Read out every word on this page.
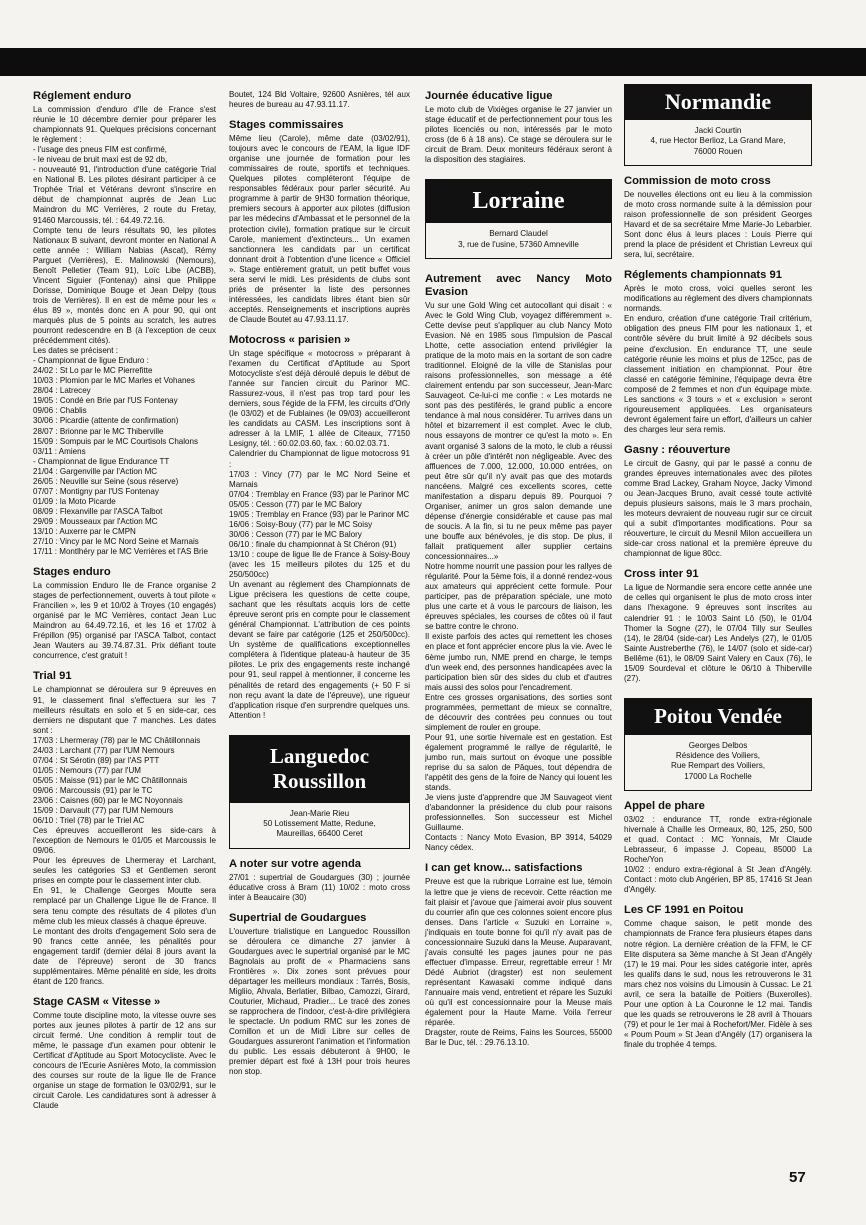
Réglement enduro

La commission d'enduro d'Ile de France s'est réunie le 10 décembre dernier pour préparer les championnats 91. Quelques précisions concernant le règlement :

- l'usage des pneus FIM est confirmé,

- le niveau de bruit maxi est de 92 db,

- nouveauté 91, l'introduction d'une catégorie Trial en National B. Les pilotes désirant participer à ce Trophée Trial et Vétérans devront s'inscrire en début de championnat auprès de Jean Luc Maindron du MC Verrières, 2 route du Fretay, 91460 Marcoussis, tél. : 64.49.72.16.

Compte tenu de leurs résultats 90, les pilotes Nationaux B suivant, devront monter en National A cette année : William Nabias (Ascat), Rémy Parguet (Verrières), E. Malinowski (Nemours), Benoît Pelletier (Team 91), Loïc Libe (ACBB), Vincent Siguier (Fontenay) ainsi que Philippe Dorisse, Dominique Bouge et Jean Delpy (tous trois de Verrières). Il en est de même pour les « élus 89 », montés donc en A pour 90, qui ont marqués plus de 5 points au scratch, les autres pourront redescendre en B (à l'exception de ceux précédemment cités).

Les dates se précisent :

- Championnat de ligue Enduro :
24/02 : St Lo par le MC Pierrefitte
10/03 : Plomion par le MC Marles et Vohanes
28/04 : Latrecey
19/05 : Condé en Brie par l'US Fontenay
09/06 : Chablis
30/06 : Picardie (attente de confirmation)
28/07 : Brionne par le MC Thiberville
15/09 : Sompuis par le MC Courtisols Chalons
03/11 : Amiens
- Championnat de ligue Endurance TT
21/04 : Gargenville par l'Action MC
26/05 : Neuville sur Seine (sous réserve)
07/07 : Montigny par l'US Fontenay
01/09 : la Moto Picarde
08/09 : Flexanville par l'ASCA Talbot
29/09 : Mousseaux par l'Action MC
13/10 : Auxerre par le CMPN
27/10 : Vincy par le MC Nord Seine et Marnais
17/11 : Montlhéry par le MC Verrières et l'AS Brie
Stages enduro

La commission Enduro Ile de France organise 2 stages de perfectionnement, ouverts à tout pilote « Francilien », les 9 et 10/02 à Troyes (10 engagés) organisé par le MC Verrières, contact Jean Luc Maindron au 64.49.72.16, et les 16 et 17/02 à Frépillon (95) organisé par l'ASCA Talbot, contact Jean Wauters au 39.74.87.31. Prix défiant toute concurrence, c'est gratuit !

Trial 91

Le championnat se déroulera sur 9 épreuves en 91, le classement final s'effectuera sur les 7 meilleurs résultats en solo et 5 en side-car, ces derniers ne disputant que 7 manches. Les dates sont :

17/03 : Lhermeray (78) par le MC Châtillonnais
24/03 : Larchant (77) par l'UM Nemours
07/04 : St Sérotin (89) par l'AS PTT
01/05 : Nemours (77) par l'UM
05/05 : Maisse (91) par le MC Châtillonnais
09/06 : Marcoussis (91) par le TC
23/06 : Caisnes (60) par le MC Noyonnais
15/09 : Darvault (77) par l'UM Nemours
06/10 : Triel (78) par le Triel AC

Ces épreuves accueilleront les side-cars à l'exception de Nemours le 01/05 et Marcoussis le 09/06.

Pour les épreuves de Lhermeray et Larchant, seules les catégories S3 et Gentlemen seront prises en compte pour le classement inter club.

En 91, le Challenge Georges Moutte sera remplacé par un Challenge Ligue Ile de France. Il sera tenu compte des résultats de 4 pilotes d'un même club les mieux classés à chaque épreuve.

Le montant des droits d'engagement Solo sera de 90 francs cette année, les pénalités pour engagement tardif (dernier délai 8 jours avant la date de l'épreuve) seront de 30 francs supplémentaires. Même pénalité en side, les droits étant de 120 francs.

Stage CASM « Vitesse »

Comme toute discipline moto, la vitesse ouvre ses portes aux jeunes pilotes à partir de 12 ans sur circuit fermé. Une condition à remplir tout de même, le passage d'un examen pour obtenir le Certificat d'Aptitude au Sport Motocycliste. Avec le concours de l'Ecurie Asnières Moto, la commission des courses sur route de la ligue Ile de France organise un stage de formation le 03/02/91, sur le circuit Carole. Les candidatures sont à adresser à Claude

Boutet, 124 Bld Voltaire, 92600 Asnières, tél aux heures de bureau au 47.93.11.17.

Stages commissaires

Même lieu (Carole), même date (03/02/91), toujours avec le concours de l'EAM, la ligue IDF organise une journée de formation pour les commissaires de route, sportifs et techniques. Quelques pilotes compléteront l'équipe de responsables fédéraux pour parler sécurité. Au programme à partir de 9H30 formation théorique, premiers secours à apporter aux pilotes (diffusion par les médecins d'Ambassat et le personnel de la protection civile), formation pratique sur le circuit Carole, maniement d'extincteurs... Un examen sanctionnera les candidats par un certificat donnant droit à l'obtention d'une licence « Officiel ». Stage entièrement gratuit, un petit buffet vous sera servi le midi. Les présidents de clubs sont priés de présenter la liste des personnes intéressées, les candidats libres étant bien sûr acceptés. Renseignements et inscriptions auprès de Claude Boutet au 47.93.11.17.

Motocross « parisien »

Un stage spécifique « motocross » préparant à l'examen du Certificat d'Aptitude au Sport Motocycliste s'est déjà déroulé depuis le début de l'année sur l'ancien circuit du Parinor MC. Rassurez-vous, il n'est pas trop tard pour les derniers, sous l'égide de la FFM, les circuits d'Orly (le 03/02) et de Fublaines (le 09/03) accueilleront les candidats au CASM. Les inscriptions sont à adresser à la LMIF, 1 allée de Citeaux, 77150 Lesigny, tél. : 60.02.03.60, fax. : 60.02.03.71.

Calendrier du Championnat de ligue motocross 91 :

17/03 : Vincy (77) par le MC Nord Seine et Marnais
07/04 : Tremblay en France (93) par le Parinor MC
05/05 : Cesson (77) par le MC Balory
19/05 : Tremblay en France (93) par le Parinor MC
16/06 : Soisy-Bouy (77) par le MC Soisy
30/06 : Cesson (77) par le MC Balory
06/10 : finale du championnat à St Chéron (91)
13/10 : coupe de ligue Ile de France à Soisy-Bouy (avec les 15 meilleurs pilotes du 125 et du 250/500cc)

Un avenant au règlement des Championnats de Ligue précisera les questions de cette coupe, sachant que les résultats acquis lors de cette épreuve seront pris en compte pour le classement général Championnat. L'attribution de ces points devant se faire par catégorie (125 et 250/500cc). Un système de qualifications exceptionnelles complétera à l'identique plateau-à hauteur de 35 pilotes. Le prix des engagements reste inchangé pour 91, seul rappel à mentionner, il concerne les pénalités de retard des engagements (+ 50 F si non reçu avant la date de l'épreuve), une rigueur d'application risque d'en surprendre quelques uns. Attention !

Languedoc
Roussillon
Jean-Marie Rieu
50 Lotissement Matte, Redune,
Maureillas, 66400 Ceret
A noter sur votre agenda

27/01 : supertrial de Goudargues (30) ; journée éducative cross à Bram (11) 10/02 : moto cross inter à Beaucaire (30)

Supertrial de Goudargues

L'ouverture trialistique en Languedoc Roussillon se déroulera ce dimanche 27 janvier à Goudargues avec le supertrial organisé par le MC Bagnolais au profit de « Pharmaciens sans Frontières ». Dix zones sont prévues pour départager les meilleurs mondiaux : Tarrés, Bosis, Migliio, Ahvala, Berlatier, Bilbao, Camozzi, Girard, Couturier, Michaud, Pradier... Le tracé des zones se rapprochera de l'indoor, c'est-à-dire privilégiera le spectacle. Un podium RMC sur les zones de Cornillon et un de Midi Libre sur celles de Goudargues assureront l'animation et l'information du public. Les essais débuteront à 9H00, le premier départ est fixé à 13H pour trois heures non stop.

Journée éducative ligue

Le moto club de Vixièges organise le 27 janvier un stage éducatif et de perfectionnement pour tous les pilotes licenciés ou non, intéressés par le moto cross (de 6 à 18 ans). Ce stage se déroulera sur le circuit de Bram. Deux moniteurs fédéraux seront à la disposition des stagiaires.

Lorraine
Bernard Claudel
3, rue de l'usine, 57360 Amneville
Autrement avec Nancy Moto Evasion

Vu sur une Gold Wing cet autocollant qui disait : « Avec le Gold Wing Club, voyagez différemment ». Cette devise peut s'appliquer au club Nancy Moto Evasion. Né en 1985 sous l'impulsion de Pascal Lhotte, cette association entend privilégier la pratique de la moto mais en la sortant de son cadre traditionnel. Eloigné de la ville de Stanislas pour raisons professionnelles, son message a été clairement entendu par son successeur, Jean-Marc Sauvageot. Ce-lui-ci me confie : « Les motards ne sont pas des pestiférés, le grand public a encore tendance à mal nous considérer. Tu arrives dans un hôtel et bizarrement il est complet. Avec le club, nous essayons de montrer ce qu'est la moto ». En avant organisé 3 salons de la moto, le club a réussi à créer un pôle d'intérêt non négligeable. Avec des affluences de 7.000, 12.000, 10.000 entrées, on peut être sûr qu'il n'y avait pas que des motards nancéens. Malgré ces excellents scores, cette manifestation a disparu depuis 89. Pourquoi ? Organiser, animer un gros salon demande une dépense d'énergie considérable et cause pas mal de soucis. A la fin, si tu ne peux même pas payer une bouffe aux bénévoles, je dis stop. De plus, il fallait pratiquement aller supplier certains concessionnaires...»

Notre homme nourrit une passion pour les rallyes de régularité. Pour la 5ème fois, il a donné rendez-vous aux amateurs qui apprécient cette formule. Pour participer, pas de préparation spéciale, une moto plus une carte et à vous le parcours de liaison, les épreuves spéciales, les courses de côtes où il faut se battre contre le chrono.

Il existe parfois des actes qui remettent les choses en place et font apprécier encore plus la vie. Avec le 6ème jumbo run, NME prend en charge, le temps d'un week end, des personnes handicapées avec la participation bien sûr des sides du club et d'autres mais aussi des solos pour l'encadrement.

Entre ces grosses organisations, des sorties sont programmées, permettant de mieux se connaître, de découvrir des contrées peu connues ou tout simplement de rouler en groupe.

Pour 91, une sortie hivernale est en gestation. Est également programmé le rallye de régularité, le jumbo run, mais surtout on évoque une possible reprise du sa salon de Pâques, tout dépendra de l'appétit des gens de la foire de Nancy qui louent les stands.

Je viens juste d'apprendre que JM Sauvageot vient d'abandonner la présidence du club pour raisons professionnelles. Son successeur est Michel Guillaume.

Contacts : Nancy Moto Evasion, BP 3914, 54029 Nancy cédex.

I can get know... satisfactions

Preuve est que la rubrique Lorraine est lue, témoin la lettre que je viens de recevoir. Cette réaction me fait plaisir et j'avoue que j'aimerai avoir plus souvent du courrier afin que ces colonnes soient encore plus denses. Dans l'article « Suzuki en Lorraine », j'indiquais en toute bonne foi qu'il n'y avait pas de concessionnaire Suzuki dans la Meuse. Auparavant, j'avais consulté les pages jaunes pour ne pas effectuer d'impasse. Erreur, regrettable erreur ! Mr Dédé Aubriot (dragster) est non seulement représentant Kawasaki comme indiqué dans l'annuaire mais vend, entretient et répare les Suzuki où qu'il est concessionnaire pour la Meuse mais également pour la Haute Marne. Voila l'erreur réparée.

Dragster, route de Reims, Fains les Sources, 55000 Bar le Duc, tél. : 29.76.13.10.

Normandie
Jacki Courtin
4, rue Hector Berlioz, La Grand Mare,
76000 Rouen
Commission de moto cross

De nouvelles élections ont eu lieu à la commission de moto cross normande suite à la démission pour raison professionnelle de son président Georges Havard et de sa secrétaire Mme Marie-Jo Lebarbier. Sont donc élus à leurs places : Louis Pierre qui prend la place de président et Christian Levreux qui sera, lui, secrétaire.

Réglements championnats 91

Après le moto cross, voici quelles seront les modifications au règlement des divers championnats normands.

En enduro, création d'une catégorie Trail critérium, obligation des pneus FIM pour les nationaux 1, et contrôle sévère du bruit limité à 92 décibels sous peine d'exclusion. En endurance TT, une seule catégorie réunie les moins et plus de 125cc, pas de classement initiation en championnat. Pour être classé en catégorie féminine, l'équipage devra être composé de 2 femmes et non d'un équipage mixte. Les sanctions « 3 tours » et « exclusion » seront rigoureusement appliquées. Les organisateurs devront également faire un effort, d'ailleurs un cahier des charges leur sera remis.

Gasny : réouverture

Le circuit de Gasny, qui par le passé a connu de grandes épreuves internationales avec des pilotes comme Brad Lackey, Graham Noyce, Jacky Vimond ou Jean-Jacques Bruno, avait cessé toute activité depuis plusieurs saisons, mais le 3 mars prochain, les moteurs devraient de nouveau rugir sur ce circuit qui a subit d'importantes modifications. Pour sa réouverture, le circuit du Mesnil Milon accueillera un side-car cross national et la première épreuve du championnat de ligue 80cc.

Cross inter 91

La ligue de Normandie sera encore cette année une de celles qui organisent le plus de moto cross inter dans l'hexagone. 9 épreuves sont inscrites au calendrier 91 : le 10/03 Saint Lô (50), le 01/04 Thomer la Sogne (27), le 07/04 Tilly sur Seulles (14), le 28/04 (side-car) Les Andelys (27), le 01/05 Sainte Austreberthe (76), le 14/07 (solo et side-car) Bellême (61), le 08/09 Saint Valery en Caux (76), le 15/09 Sourdeval et clôture le 06/10 à Thiberville (27).

Poitou Vendée
Georges Delbos
Résidence des Voiliers,
Rue Rempart des Voiliers,
17000 La Rochelle
Appel de phare

03/02 : endurance TT, ronde extra-régionale hivernale à Chaille les Ormeaux, 80, 125, 250, 500 et quad. Contact : MC Yonnais, Mr Claude Lebrasseur, 6 impasse J. Copeau, 85000 La Roche/Yon

10/02 : enduro extra-régional à St Jean d'Angély. Contact : moto club Angérien, BP 85, 17416 St Jean d'Angély.

Les CF 1991 en Poitou

Comme chaque saison, le petit monde des championnats de France fera plusieurs étapes dans notre région. La dernière création de la FFM, le CF Elite disputera sa 3ème manche à St Jean d'Angély (17) le 19 mai. Pour les sides catégorie inter, après les qualifs dans le sud, nous les retrouverons le 31 mars chez nos voisins du Limousin à Cussac. Le 21 avril, ce sera la bataille de Poitiers (Buxerolles). Pour une option à La Couronne le 12 mai. Tandis que les quads se retrouverons le 28 avril à Thouars (79) et pour le 1er mai à Rochefort/Mer. Fidèle à ses « Poum Poum » St Jean d'Angély (17) organisera la finale du trophée 4 temps.

57
